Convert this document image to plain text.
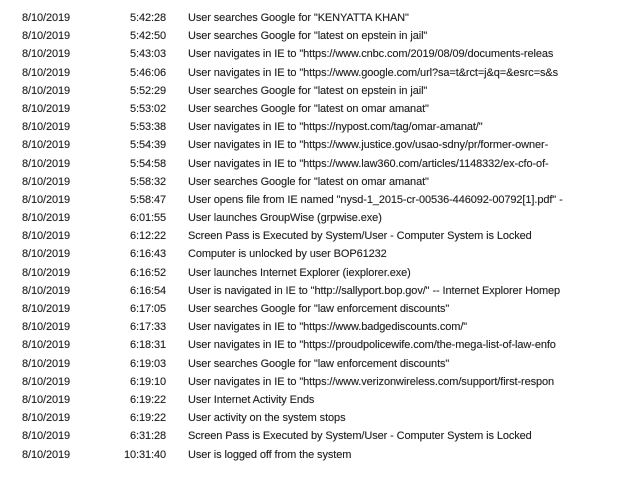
8/10/2019	5:42:28	User searches Google for "KENYATTA KHAN"
8/10/2019	5:42:50	User searches Google for "latest on epstein in jail"
8/10/2019	5:43:03	User navigates in IE to "https://www.cnbc.com/2019/08/09/documents-releas
8/10/2019	5:46:06	User navigates in IE to "https://www.google.com/url?sa=t&rct=j&q=&esrc=s&s
8/10/2019	5:52:29	User searches Google for "latest on epstein in jail"
8/10/2019	5:53:02	User searches Google for "latest on omar amanat"
8/10/2019	5:53:38	User navigates in IE to "https://nypost.com/tag/omar-amanat/"
8/10/2019	5:54:39	User navigates in IE to "https://www.justice.gov/usao-sdny/pr/former-owner-
8/10/2019	5:54:58	User navigates in IE to "https://www.law360.com/articles/1148332/ex-cfo-of-
8/10/2019	5:58:32	User searches Google for "latest on omar amanat"
8/10/2019	5:58:47	User opens file from IE named "nysd-1_2015-cr-00536-446092-00792[1].pdf" -
8/10/2019	6:01:55	User launches GroupWise (grpwise.exe)
8/10/2019	6:12:22	Screen Pass is Executed by System/User - Computer System is Locked
8/10/2019	6:16:43	Computer is unlocked by user BOP61232
8/10/2019	6:16:52	User launches Internet Explorer (iexplorer.exe)
8/10/2019	6:16:54	User is navigated in IE to "http://sallyport.bop.gov/" -- Internet Explorer Homep
8/10/2019	6:17:05	User searches Google for "law enforcement discounts"
8/10/2019	6:17:33	User navigates in IE to "https://www.badgediscounts.com/"
8/10/2019	6:18:31	User navigates in IE to "https://proudpolicewife.com/the-mega-list-of-law-enfo
8/10/2019	6:19:03	User searches Google for "law enforcement discounts"
8/10/2019	6:19:10	User navigates in IE to "https://www.verizonwireless.com/support/first-respon
8/10/2019	6:19:22	User Internet Activity Ends
8/10/2019	6:19:22	User activity on the system stops
8/10/2019	6:31:28	Screen Pass is Executed by System/User - Computer System is Locked
8/10/2019	10:31:40	User is logged off from the system
